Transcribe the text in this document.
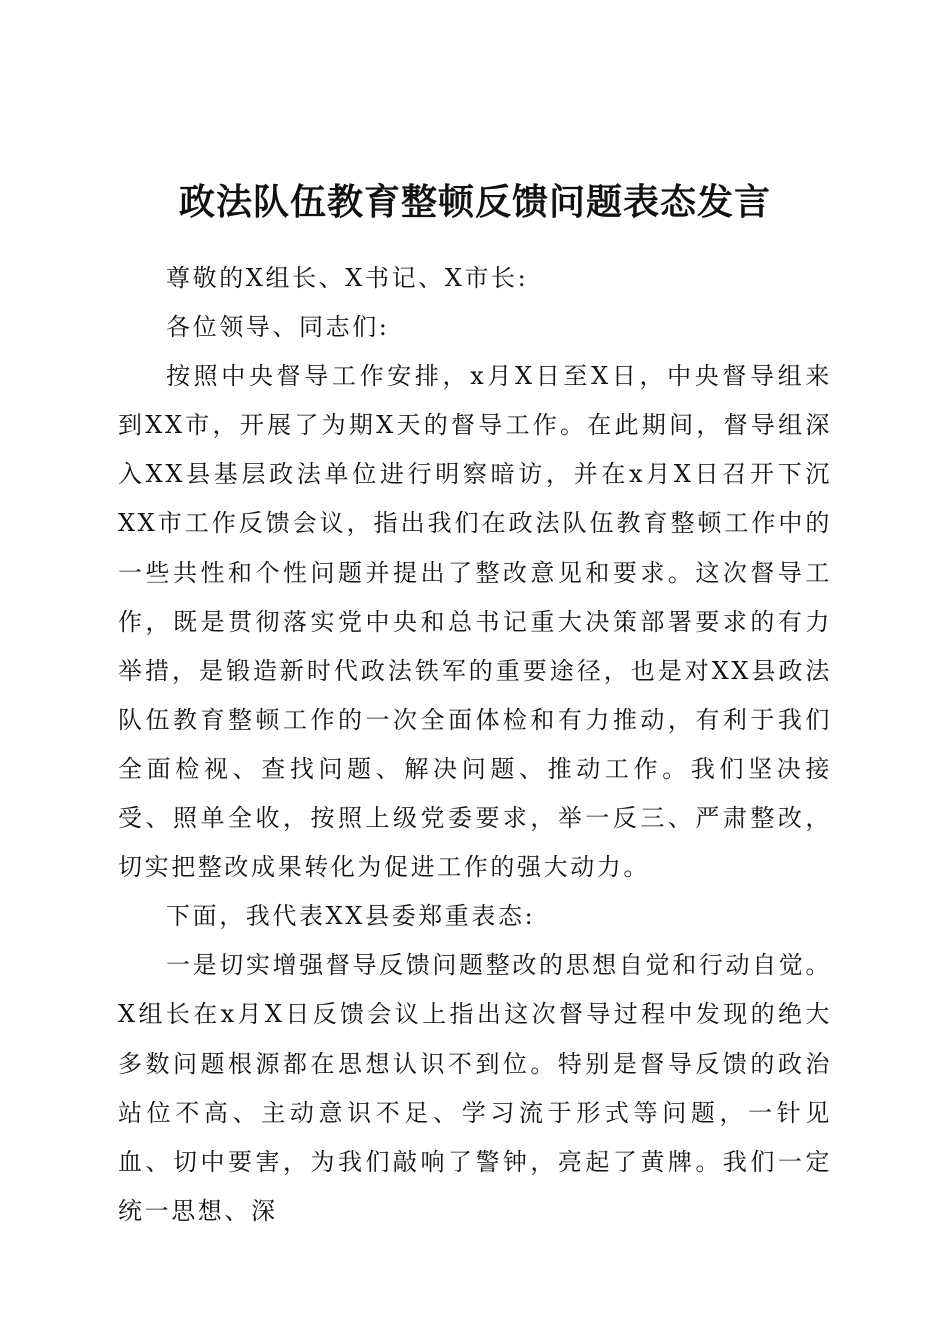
政法队伍教育整顿反馈问题表态发言

尊敬的X组长、X书记、X市长:

各位领导、同志们:

按照中央督导工作安排，x月X日至X日，中央督导组来到XX市，开展了为期X天的督导工作。在此期间，督导组深入XX县基层政法单位进行明察暗访，并在x月X日召开下沉XX市工作反馈会议，指出我们在政法队伍教育整顿工作中的一些共性和个性问题并提出了整改意见和要求。这次督导工作，既是贯彻落实党中央和总书记重大决策部署要求的有力举措，是锻造新时代政法铁军的重要途径，也是对XX县政法队伍教育整顿工作的一次全面体检和有力推动，有利于我们全面检视、查找问题、解决问题、推动工作。我们坚决接受、照单全收，按照上级党委要求，举一反三、严肃整改，切实把整改成果转化为促进工作的强大动力。

下面，我代表XX县委郑重表态:

一是切实增强督导反馈问题整改的思想自觉和行动自觉。X组长在x月X日反馈会议上指出这次督导过程中发现的绝大多数问题根源都在思想认识不到位。特别是督导反馈的政治站位不高、主动意识不足、学习流于形式等问题，一针见血、切中要害，为我们敲响了警钟，亮起了黄牌。我们一定统一思想、深
